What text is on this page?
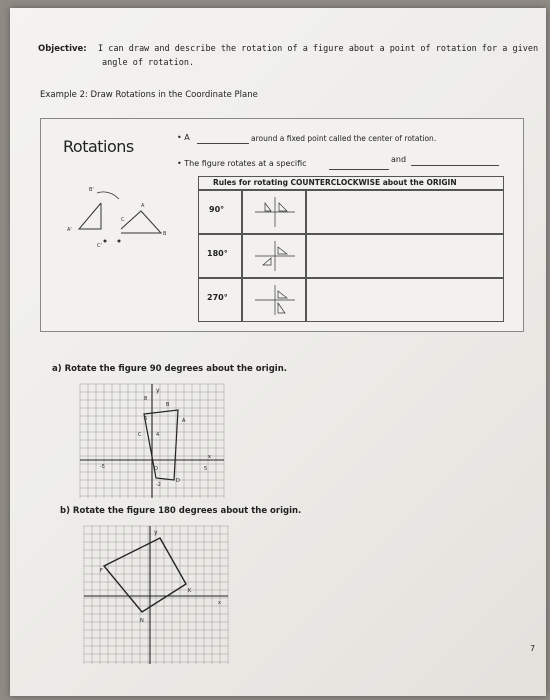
Objective: I can draw and describe the rotation of a figure about a point of rotation for a given
angle of rotation.
Example 2: Draw Rotations in the Coordinate Plane
Rotations	• A	around a fixed point called the center of rotation.
• The figure rotates at a specific	and
B'
A
A'
C'
C
B
Rules for rotating COUNTERCLOCKWISE about the ORIGIN
90°
180°
270°
a) Rotate the figure 90 degrees about the origin.
y
8
B
6
4
C
A
-5	O
D
5
x
-2
b) Rotate the figure 180 degrees about the origin.
y
F
N
K
x
7
